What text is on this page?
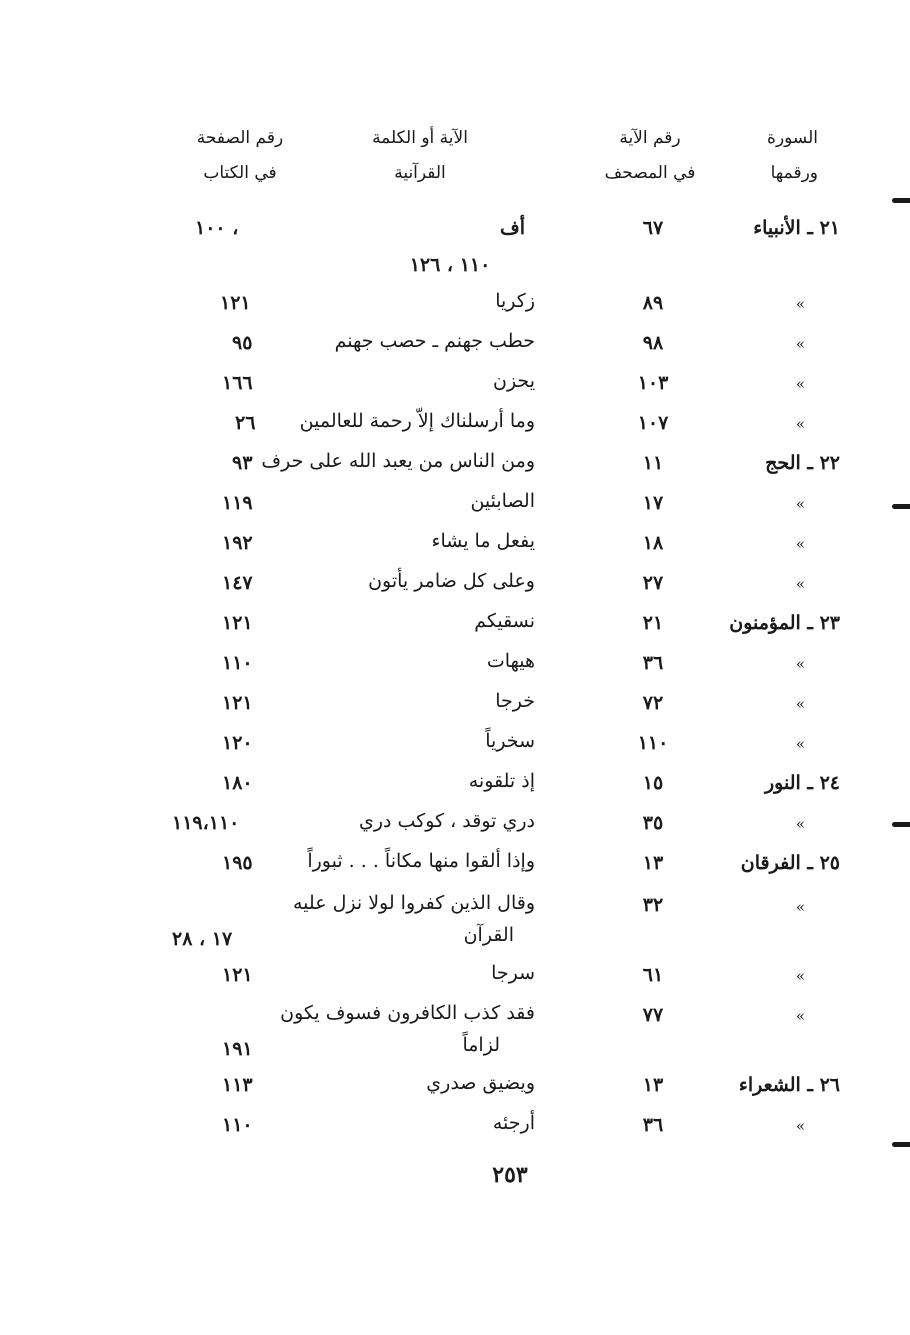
السورة
ورقمها
رقم الآية
في المصحف
الآية أو الكلمة
القرآنية
رقم الصفحة
في الكتاب
٢١ ـ الأنبياء
٦٧
أف
١٠٠ ،
١١٠ ، ١٢٦
»
٨٩
زكريا
١٢١
»
٩٨
حطب جهنم ـ حصب جهنم
٩٥
»
١٠٣
يحزن
١٦٦
»
١٠٧
وما أرسلناك إلاّ رحمة للعالمين
٢٦
٢٢ ـ الحج
١١
ومن الناس من يعبد الله على حرف
٩٣
»
١٧
الصابئين
١١٩
»
١٨
يفعل ما يشاء
١٩٢
»
٢٧
وعلى كل ضامر يأتون
١٤٧
٢٣ ـ المؤمنون
٢١
نسقيكم
١٢١
»
٣٦
هيهات
١١٠
»
٧٢
خرجا
١٢١
»
١١٠
سخرياً
١٢٠
٢٤ ـ النور
١٥
إذ تلقونه
١٨٠
»
٣٥
دري توقد ، كوكب دري
١١٩،١١٠
٢٥ ـ الفرقان
١٣
وإذا ألقوا منها مكاناً . . . ثبوراً
١٩٥
»
٣٢
وقال الذين كفروا لولا نزل عليه
القرآن
١٧ ، ٢٨
»
٦١
سرجا
١٢١
»
٧٧
فقد كذب الكافرون فسوف يكون
لزاماً
١٩١
٢٦ ـ الشعراء
١٣
ويضيق صدري
١١٣
»
٣٦
أرجئه
١١٠
٢٥٣
